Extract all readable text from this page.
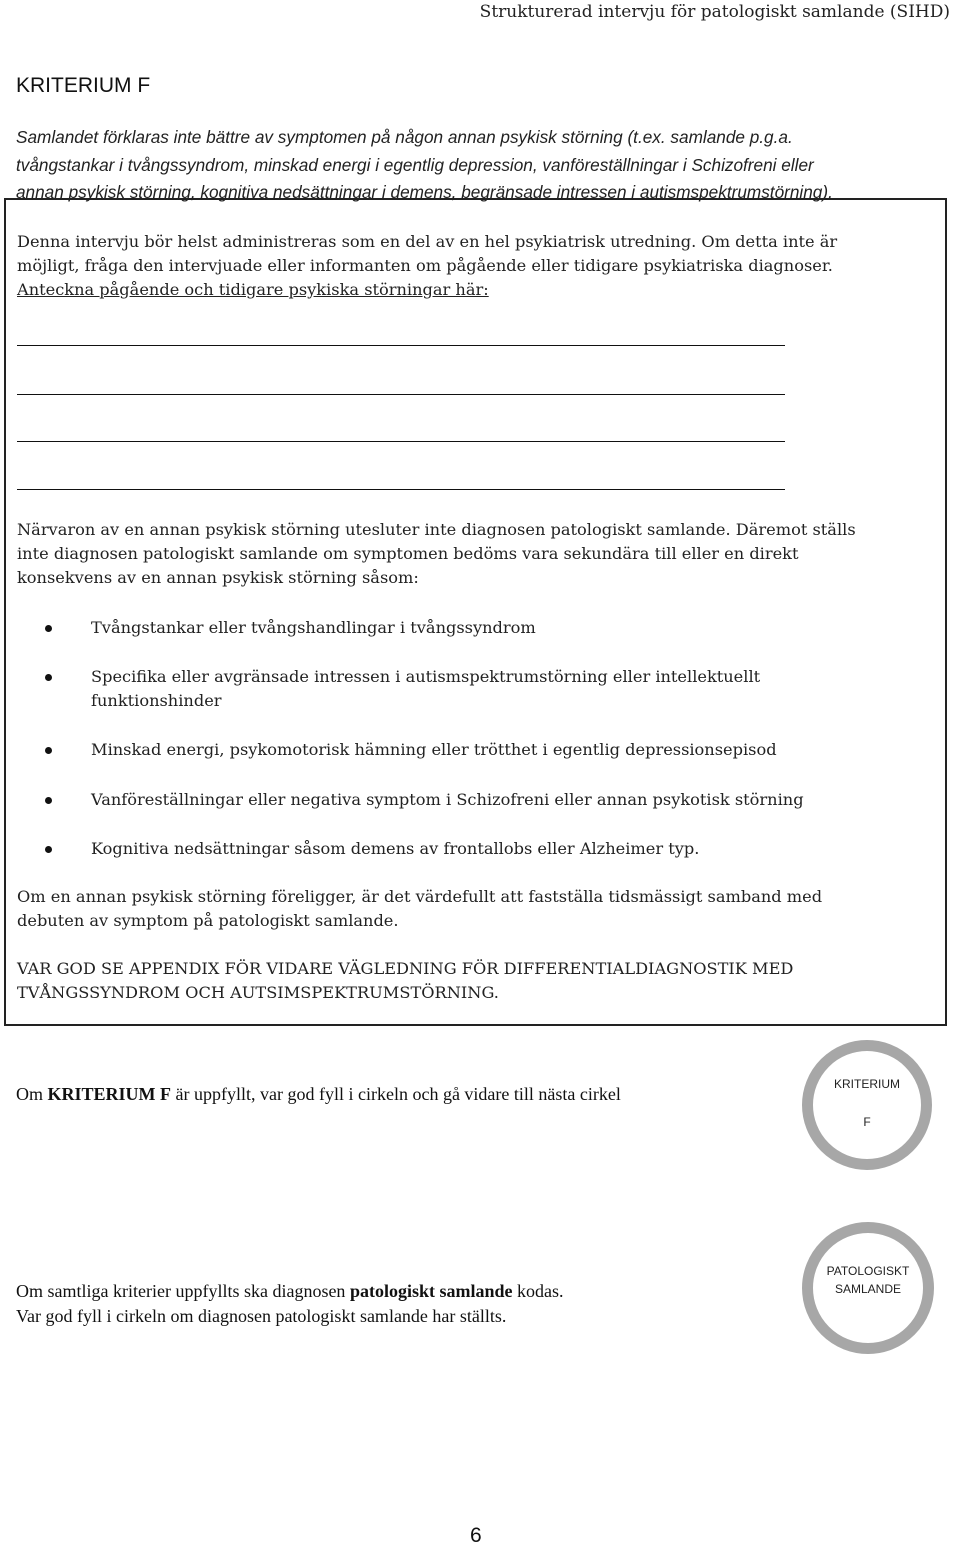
Strukturerad intervju för patologiskt samlande (SIHD)
KRITERIUM F
Samlandet förklaras inte bättre av symptomen på någon annan psykisk störning (t.ex. samlande p.g.a.
tvångstankar i tvångssyndrom, minskad energi i egentlig depression, vanföreställningar i Schizofreni eller
annan psykisk störning, kognitiva nedsättningar i demens, begränsade intressen i autismspektrumstörning).
Denna intervju bör helst administreras som en del av en hel psykiatrisk utredning. Om detta inte är
möjligt, fråga den intervjuade eller informanten om pågående eller tidigare psykiatriska diagnoser.
Anteckna pågående och tidigare psykiska störningar här:
Närvaron av en annan psykisk störning utesluter inte diagnosen patologiskt samlande. Däremot ställs
inte diagnosen patologiskt samlande om symptomen bedöms vara sekundära till eller en direkt
konsekvens av en annan psykisk störning såsom:
Tvångstankar eller tvångshandlingar i tvångssyndrom
Specifika eller avgränsade intressen i autismspektrumstörning eller intellektuellt
funktionshinder
Minskad energi, psykomotorisk hämning eller trötthet i egentlig depressionsepisod
Vanföreställningar eller negativa symptom i Schizofreni eller annan psykotisk störning
Kognitiva nedsättningar såsom demens av frontallobs eller Alzheimer typ.
Om en annan psykisk störning föreligger, är det värdefullt att fastställa tidsmässigt samband med
debuten av symptom på patologiskt samlande.
VAR GOD SE APPENDIX FÖR VIDARE VÄGLEDNING FÖR DIFFERENTIALDIAGNOSTIK MED
TVÅNGSSYNDROM OCH AUTSIMSPEKTRUMSTÖRNING.
Om KRITERIUM F är uppfyllt, var god fyll i cirkeln och gå vidare till nästa cirkel	KRITERIUM
F
Om samtliga kriterier uppfyllts ska diagnosen patologiskt samlande kodas.
Var god fyll i cirkeln om diagnosen patologiskt samlande har ställts.
PATOLOGISKT
SAMLANDE
6
